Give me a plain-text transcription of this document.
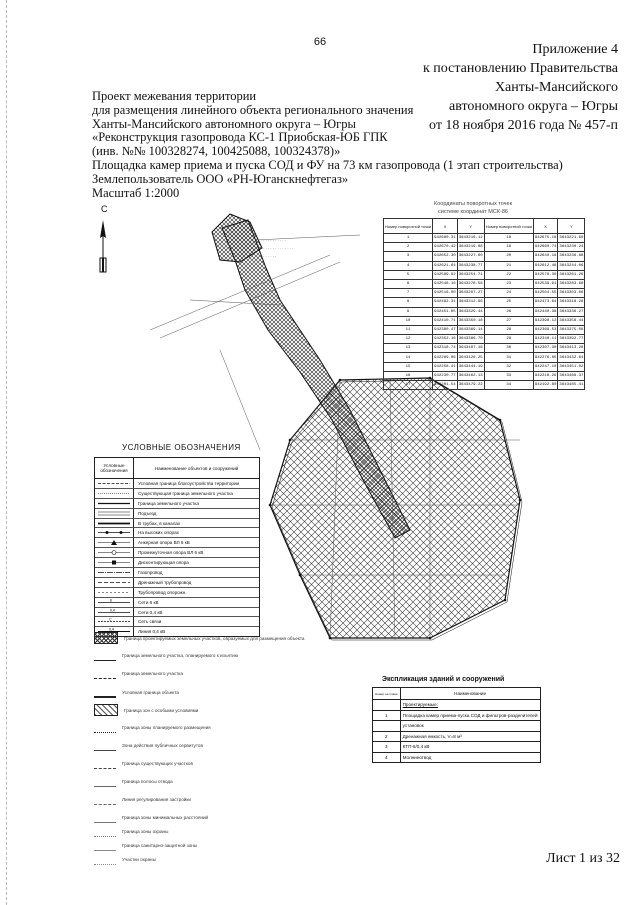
66	Приложение 4
к постановлению Правительства
Ханты-Мансийского
автономного округа – Югры
от 18 ноября 2016 года № 457-п
Проект межевания территории
для размещения линейного объекта регионального значения
Ханты-Мансийского автономного округа – Югры
«Реконструкция газопровода КС-1 Приобская-ЮБ ГПК
(инв. №№ 100328274, 100425088, 100324378)»
Площадка камер приема и пуска СОД и ФУ на 73 км газопровода (1 этап строительства)
Землепользователь ООО «РН-Юганскнефтегаз»
Масштаб 1:2000
С
· · · · · · · · · · · ·
· · · · · · · · · · · · · · ·
· · · · · · · ·
Координаты поворотных точек
системе координат МСК-86
Номер поворотной точки	X	Y	Номер поворотной точки	X	Y
1	942680.31	3643216.12	18	942675.18	3643221.60
2	942670.42	3643219.88	19	942660.74	3643230.24
3	942652.30	3643227.60	20	942640.18	3643236.88
4	942621.64	3643238.77	21	942612.46	3643244.06
5	942589.92	3643254.71	22	942578.30	3643261.26
6	942548.16	3643278.58	23	942539.91	3643283.68
7	942516.00	3643297.27	24	942504.55	3643303.06
8	942482.31	3643312.96	25	942473.64	3643318.28
9	942451.65	3643329.44	26	942440.38	3643336.27
10	942410.71	3643350.18	27	942398.12	3643358.44
11	942380.47	3643369.14	28	942369.53	3643375.08
12	942352.16	3643386.70	29	942340.11	3643392.77
13	942318.74	3643407.16	30	942307.30	3643413.28
14	942289.06	3643426.25	31	942276.85	3643432.64
15	942258.41	3643444.19	32	942247.10	3643451.02
16	942230.77	3643462.13	33	942218.26	3643468.37
17	942201.54	3643479.22	34	942192.80	3643485.41
УСЛОВНЫЕ ОБОЗНАЧЕНИЯ
Условные обозначения	Наименование объектов и сооружений
Условная граница благоустройства территории
Существующая граница земельного участка
Граница земельного участка
Подъезд
В трубах, в каналах
На высоких опорах
Анкерная опора ВЛ 6 кВ
Промежуточная опора ВЛ 6 кВ
Дисконтирующая опора
Газопровод
Дренажный трубопровод
Трубопровод опорожн.
6	Сети 6 кВ
0,4	Сети 0,4 кВ
С	Сеть связи
0,4	Линия 0,4 кВ
Граница проектируемых земельных участков, образуемых для размещения объекта
Граница земельного участка, планируемого к изъятию
Граница земельного участка
Условная граница объекта
Граница зон с особыми условиями
Граница зоны планируемого размещения
Зона действия публичных сервитутов
Граница существующих участков
Граница полосы отвода
Линия регулирования застройки
Граница зоны минимальных расстояний
Граница зоны охраны
Граница санитарно-защитной зоны
Участки охраны
Экспликация зданий и сооружений
Номер на плане	Наименование
	Проектируемые:
1	Площадка камер приема-пуска СОД и фильтров-разделителей
	установок
2	Дренажная емкость, V=8 м³
3	КТП-6/0,4 кВ
4	Молниеотвод
Лист 1 из 32
